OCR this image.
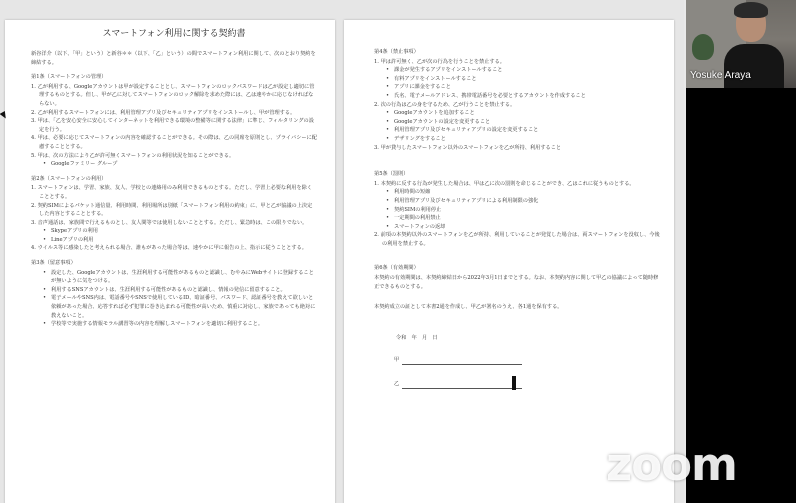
スマートフォン利用に関する契約書

新谷洋介（以下、「甲」という）と新谷＊＊（以下、「乙」という）の間でスマートフォン利用に関して、次のとおり契約を締結する。

第1条（スマートフォンの管理）

1. 乙が利用する、Googleアカウントは甲が設定することとし、スマートフォンのロックパスワードは乙が設定し適切に管理するものとする。但し、甲が乙に対してスマートフォンのロック解除を求めた際には、乙は速やかに応じなければならない。

2. 乙が利用するスマートフォンには、利用管理アプリ及びセキュリティアプリをインストールし、甲が管理する。

3. 甲は、「乙を安心安全に安心してインターネットを利用できる環境の整備等に関する法律」に準じ、フィルタリングの設定を行う。

4. 甲は、必要に応じてスマートフォンの内容を確認することができる。その際は、乙の同席を原則とし、プライバシーに配慮することとする。

5. 甲は、次の方法により乙が許可無くスマートフォンの利用状況を知ることができる。

• Googleファミリー グループ

第2条（スマートフォンの利用）

1. スマートフォンは、学習、家族、友人、学校との連絡用のみ利用できるものとする。ただし、学習上必要な利用を除くこととする。

2. 契約SIMによるパケット通信量、利用時間、利用場所は別紙「スマートフォン利用の約束」に、甲と乙が協議の上決定した内容とすることとする。

3. 音声通話は、家族間で行えるものとし、友人間等では使用しないこととする。ただし、緊急時は、この限りでない。

• Skypeアプリの利用

• Lineアプリの利用

4. ウイルス等に感染したと考えられる場合、誰もがあった場合等は、速やかに甲に報告の上、指示に従うこととする。

第3条（留意事項）

• 設定した、Googleアカウントは、生涯利用する可能性があるものと認識し、むやみにWebサイトに登録することが無いように気をつける。

• 利用するSNSアカウントは、生涯利用する可能性があるものと認識し、情報の発信に留意すること。

• 電子メールやSNS内は、電話番号やSNSで使用しているID、暗証番号、パスワード、認証番号を教えて欲しいと依頼があった場合、応答すれば必ず犯罪に巻き込まれる可能性が高いため、慎重に対応し、家族であっても絶対に教えないこと。

• 学校等で実施する情報モラル講習等の内容を理解しスマートフォンを適切に利用すること。

第4条（禁止事項）

1. 甲は許可無く、乙が次の行為を行うことを禁止する。

• 課金が発生するアプリをインストールすること

• 有料アプリをインストールすること

• アプリに課金をすること

• 氏名、電子メールアドレス、携帯電話番号を必要とするアカウントを作成すること

2. 次の行為は乙の身を守るため、乙が行うことを禁止する。

• Googleアカウントを追加すること

• Googleアカウントの設定を変更すること

• 利用管理アプリ及びセキュリティアプリの設定を変更すること

• デザリングをすること

3. 甲が貸与したスマートフォン以外のスマートフォンを乙が所持、利用すること

第5条（罰則）

1. 本契約に反する行為が発生した場合は、甲は乙に次の罰則を命じることができ、乙はこれに従うものとする。

• 利用時間の短縮

• 利用管理アプリ及びセキュリティアプリによる利用制限の強化

• 契約SIMの利用停止

• 一定期間の利用禁止

• スマートフォンの返却

2. 前項の本契約以外のスマートフォンを乙が所持、利用していることが発覚した場合は、両スマートフォンを没収し、今後の利用を禁止する。

第6条（有効期間）

本契約の有効期間は、本契約締結日から2022年3月1日までとする。なお、本契約内容に関して甲乙の協議によって随時修正できるものとする。

本契約成立の証として本書2通を作成し、甲乙が署名のうえ、各1通を保有する。

令和　年　月　日

甲
乙
Yosuke Araya
zoom
